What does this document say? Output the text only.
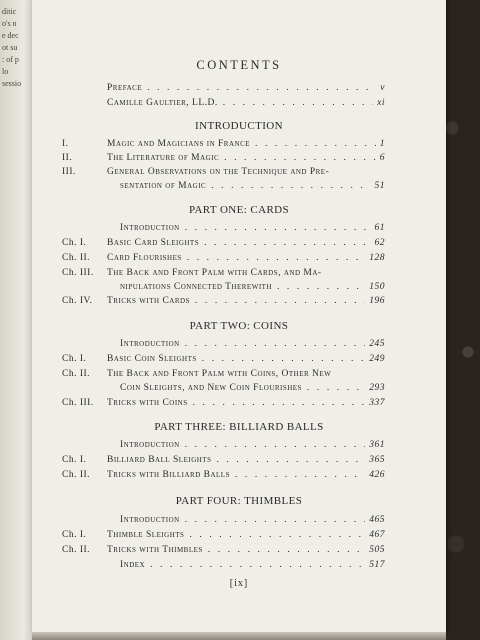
ditic
o's n
e dec
ot su
: of p
lo
sessio
CONTENTS
Preface . . .	v
Camille Gaultier, LL.D. . . .	xi
INTRODUCTION
I.	Magic and Magicians in France . . .	1
II.	The Literature of Magic . . .	6
III.	General Observations on the Technique and Pre-
sentation of Magic . . .	51
PART ONE: CARDS
Introduction . . .	61
Ch. I. Basic Card Sleights . . .	62
Ch. II. Card Flourishes . . .	128
Ch. III. The Back and Front Palm with Cards, and Ma-
nipulations Connected Therewith . . .	150
Ch. IV. Tricks with Cards . . .	196
PART TWO: COINS
Introduction . . .	245
Ch. I. Basic Coin Sleights . . .	249
Ch. II. The Back and Front Palm with Coins, Other New
Coin Sleights, and New Coin Flourishes . . .	293
Ch. III. Tricks with Coins . . .	337
PART THREE: BILLIARD BALLS
Introduction . . .	361
Ch. I. Billiard Ball Sleights . . .	365
Ch. II. Tricks with Billiard Balls . . .	426
PART FOUR: THIMBLES
Introduction . . .	465
Ch. I. Thimble Sleights . . .	467
Ch. II. Tricks with Thimbles . . .	505
Index . . .	517
[ix]
